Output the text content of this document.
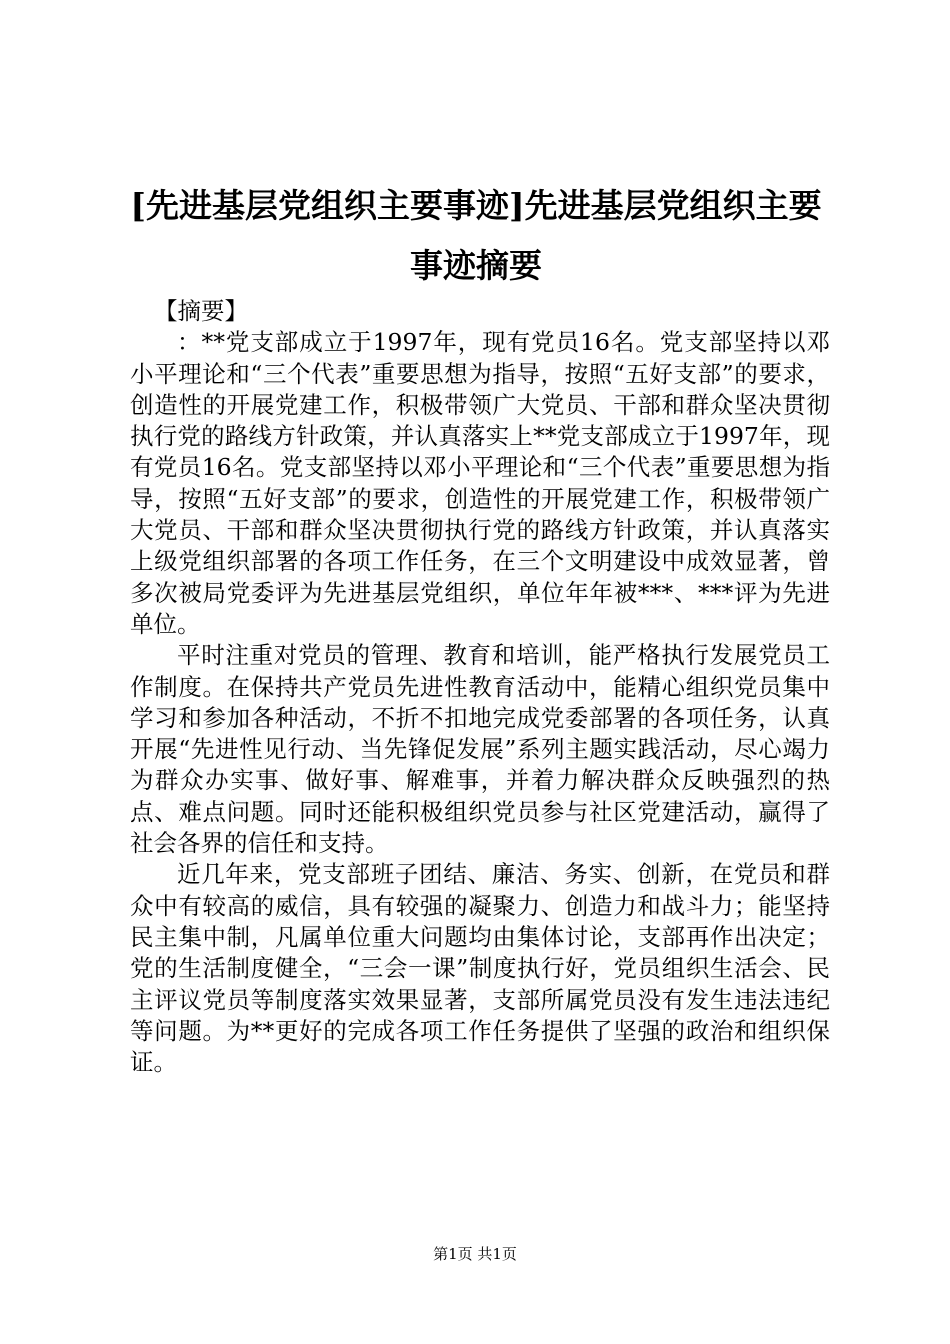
[先进基层党组织主要事迹]先进基层党组织主要事迹摘要

【摘要】

：**党支部成立于1997年，现有党员16名。党支部坚持以邓小平理论和“三个代表”重要思想为指导，按照“五好支部”的要求，创造性的开展党建工作，积极带领广大党员、干部和群众坚决贯彻执行党的路线方针政策，并认真落实上**党支部成立于1997年，现有党员16名。党支部坚持以邓小平理论和“三个代表”重要思想为指导，按照“五好支部”的要求，创造性的开展党建工作，积极带领广大党员、干部和群众坚决贯彻执行党的路线方针政策，并认真落实上级党组织部署的各项工作任务，在三个文明建设中成效显著，曾多次被局党委评为先进基层党组织，单位年年被***、***评为先进单位。

平时注重对党员的管理、教育和培训，能严格执行发展党员工作制度。在保持共产党员先进性教育活动中，能精心组织党员集中学习和参加各种活动，不折不扣地完成党委部署的各项任务，认真开展“先进性见行动、当先锋促发展”系列主题实践活动，尽心竭力为群众办实事、做好事、解难事，并着力解决群众反映强烈的热点、难点问题。同时还能积极组织党员参与社区党建活动，赢得了社会各界的信任和支持。

近几年来，党支部班子团结、廉洁、务实、创新，在党员和群众中有较高的威信，具有较强的凝聚力、创造力和战斗力；能坚持民主集中制，凡属单位重大问题均由集体讨论，支部再作出决定；党的生活制度健全，“三会一课”制度执行好，党员组织生活会、民主评议党员等制度落实效果显著，支部所属党员没有发生违法违纪等问题。为**更好的完成各项工作任务提供了坚强的政治和组织保证。

第1页 共1页
